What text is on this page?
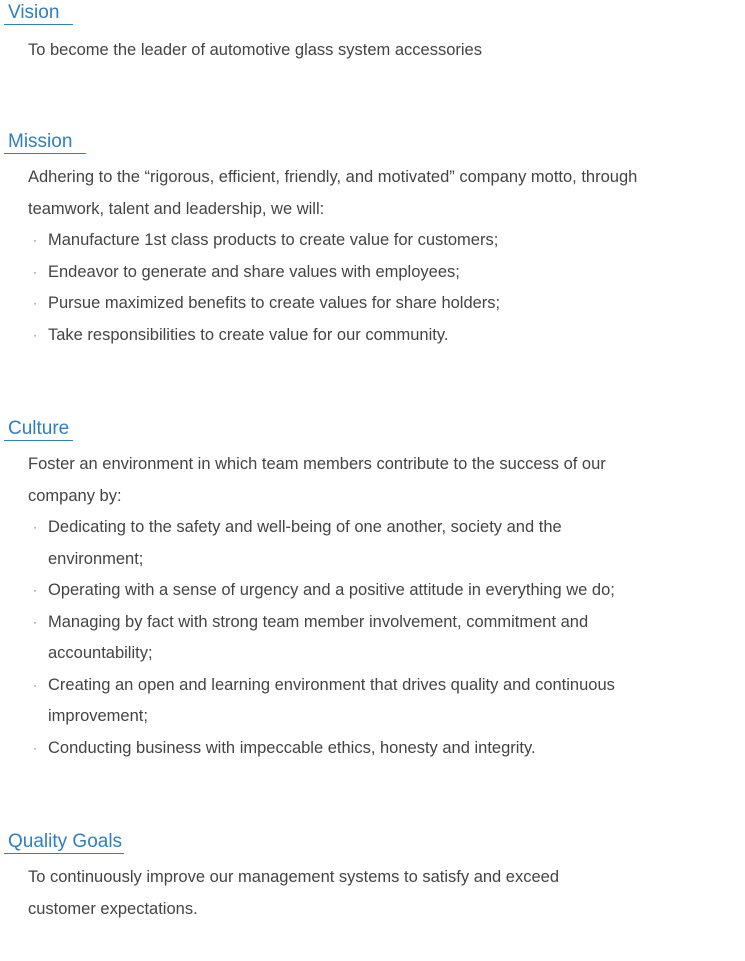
Vision

To become the leader of automotive glass system accessories

Mission

Adhering to the “rigorous, efficient, friendly, and motivated” company motto, through teamwork, talent and leadership, we will:

· Manufacture 1st class products to create value for customers;
· Endeavor to generate and share values with employees;
· Pursue maximized benefits to create values for share holders;
· Take responsibilities to create value for our community.
Culture

Foster an environment in which team members contribute to the success of our company by:

· Dedicating to the safety and well-being of one another, society and the environment;
· Operating with a sense of urgency and a positive attitude in everything we do;
· Managing by fact with strong team member involvement, commitment and accountability;
· Creating an open and learning environment that drives quality and continuous improvement;
· Conducting business with impeccable ethics, honesty and integrity.
Quality Goals

To continuously improve our management systems to satisfy and exceed customer expectations.
